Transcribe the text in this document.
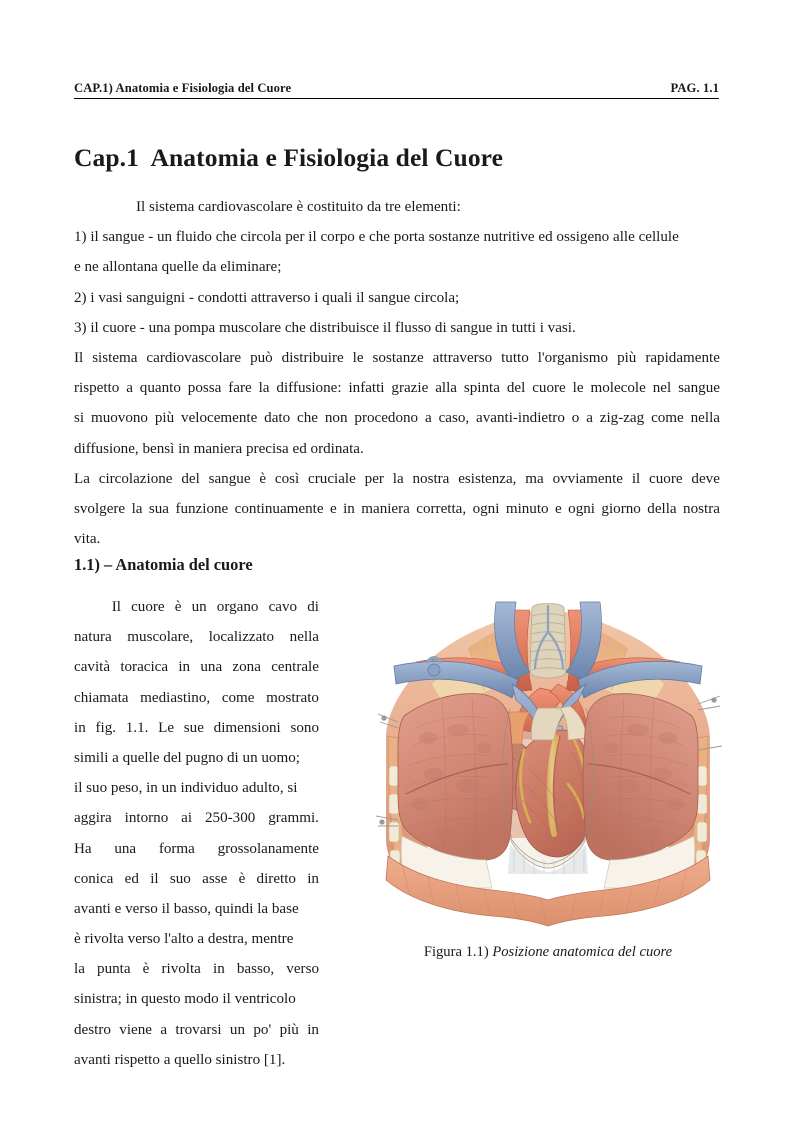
CAP.1) Anatomia e Fisiologia del Cuore	PAG. 1.1
Cap.1  Anatomia e Fisiologia del Cuore
Il sistema cardiovascolare è costituito da tre elementi:
1) il sangue - un fluido che circola per il corpo e che porta sostanze nutritive ed ossigeno alle cellule
e ne allontana quelle da eliminare;
2) i vasi sanguigni - condotti attraverso i quali il sangue circola;
3) il cuore - una pompa muscolare che distribuisce il flusso di sangue in tutti i vasi.
Il sistema cardiovascolare può distribuire le sostanze attraverso tutto l'organismo più rapidamente
rispetto a quanto possa fare la diffusione: infatti grazie alla spinta del cuore le molecole nel sangue
si muovono più velocemente dato che non procedono a caso, avanti-indietro o a zig-zag come nella
diffusione, bensì in maniera precisa ed ordinata.
La circolazione del sangue è così cruciale per la nostra esistenza, ma ovviamente il cuore deve
svolgere la sua funzione continuamente e in maniera corretta, ogni minuto e ogni giorno della nostra
vita.
1.1) – Anatomia del cuore
Il cuore è un organo cavo di
natura muscolare, localizzato nella
cavità toracica in una zona centrale
chiamata mediastino, come mostrato
in fig. 1.1. Le sue dimensioni sono
simili a quelle del pugno di un uomo;
il suo peso, in un individuo adulto, si
aggira intorno ai 250-300 grammi.
Ha una forma grossolanamente
conica ed il suo asse è diretto in
avanti e verso il basso, quindi la base
è rivolta verso l'alto a destra, mentre
la punta è rivolta in basso, verso
sinistra; in questo modo il ventricolo
destro viene a trovarsi un po' più in
avanti rispetto a quello sinistro [1].
Figura 1.1) Posizione anatomica del cuore
